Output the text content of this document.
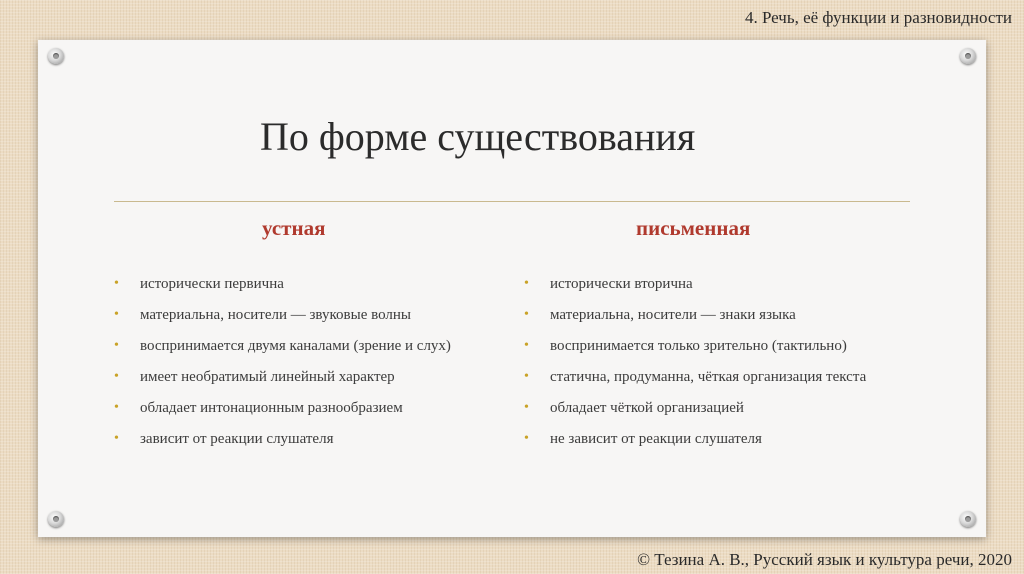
4. Речь, её функции и разновидности
По форме существования
устная	письменная
• исторически первична
• материальна, носители — звуковые волны
• воспринимается двумя каналами (зрение и слух)
• имеет необратимый линейный характер
• обладает интонационным разнообразием
• зависит от реакции слушателя
• исторически вторична
• материальна, носители — знаки языка
• воспринимается только зрительно (тактильно)
• статична, продуманна, чёткая организация текста
• обладает чёткой организацией
• не зависит от реакции слушателя
© Тезина А. В., Русский язык и культура речи, 2020
